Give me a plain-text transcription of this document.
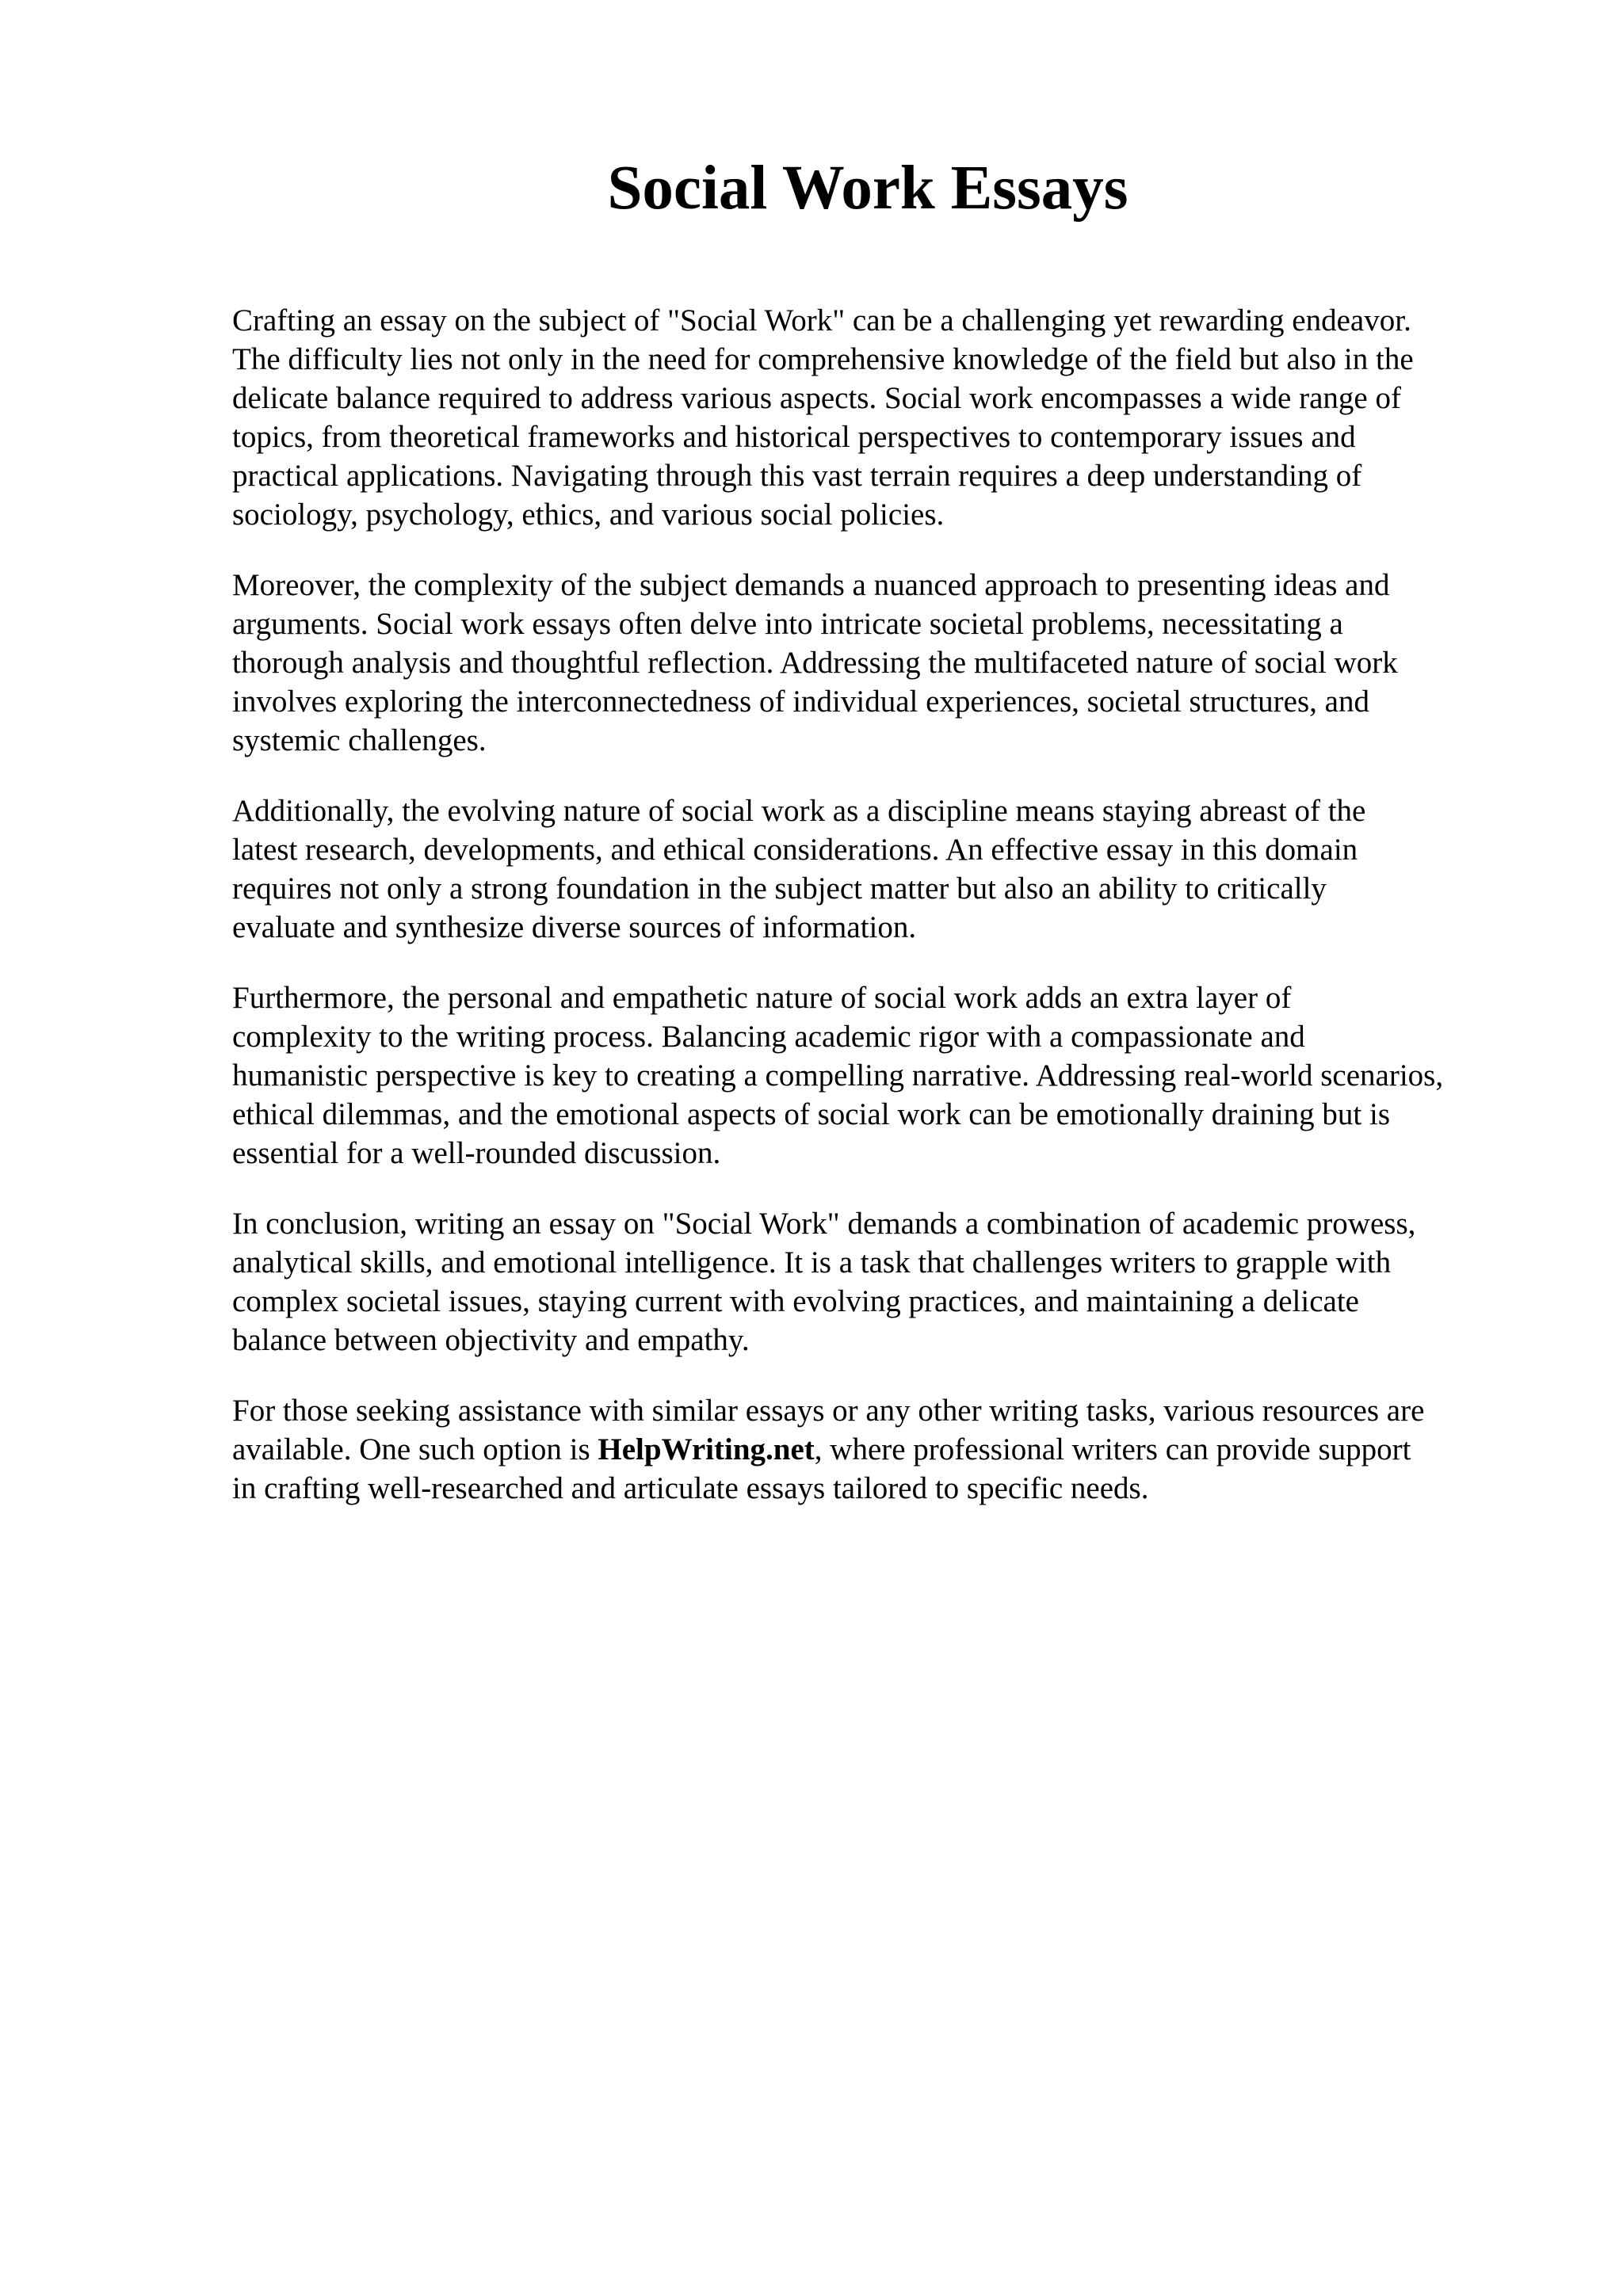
Social Work Essays

Crafting an essay on the subject of "Social Work" can be a challenging yet rewarding endeavor.
The difficulty lies not only in the need for comprehensive knowledge of the field but also in the
delicate balance required to address various aspects. Social work encompasses a wide range of
topics, from theoretical frameworks and historical perspectives to contemporary issues and
practical applications. Navigating through this vast terrain requires a deep understanding of
sociology, psychology, ethics, and various social policies.

Moreover, the complexity of the subject demands a nuanced approach to presenting ideas and
arguments. Social work essays often delve into intricate societal problems, necessitating a
thorough analysis and thoughtful reflection. Addressing the multifaceted nature of social work
involves exploring the interconnectedness of individual experiences, societal structures, and
systemic challenges.

Additionally, the evolving nature of social work as a discipline means staying abreast of the
latest research, developments, and ethical considerations. An effective essay in this domain
requires not only a strong foundation in the subject matter but also an ability to critically
evaluate and synthesize diverse sources of information.

Furthermore, the personal and empathetic nature of social work adds an extra layer of
complexity to the writing process. Balancing academic rigor with a compassionate and
humanistic perspective is key to creating a compelling narrative. Addressing real-world scenarios,
ethical dilemmas, and the emotional aspects of social work can be emotionally draining but is
essential for a well-rounded discussion.

In conclusion, writing an essay on "Social Work" demands a combination of academic prowess,
analytical skills, and emotional intelligence. It is a task that challenges writers to grapple with
complex societal issues, staying current with evolving practices, and maintaining a delicate
balance between objectivity and empathy.

For those seeking assistance with similar essays or any other writing tasks, various resources are
available. One such option is HelpWriting.net, where professional writers can provide support
in crafting well-researched and articulate essays tailored to specific needs.
